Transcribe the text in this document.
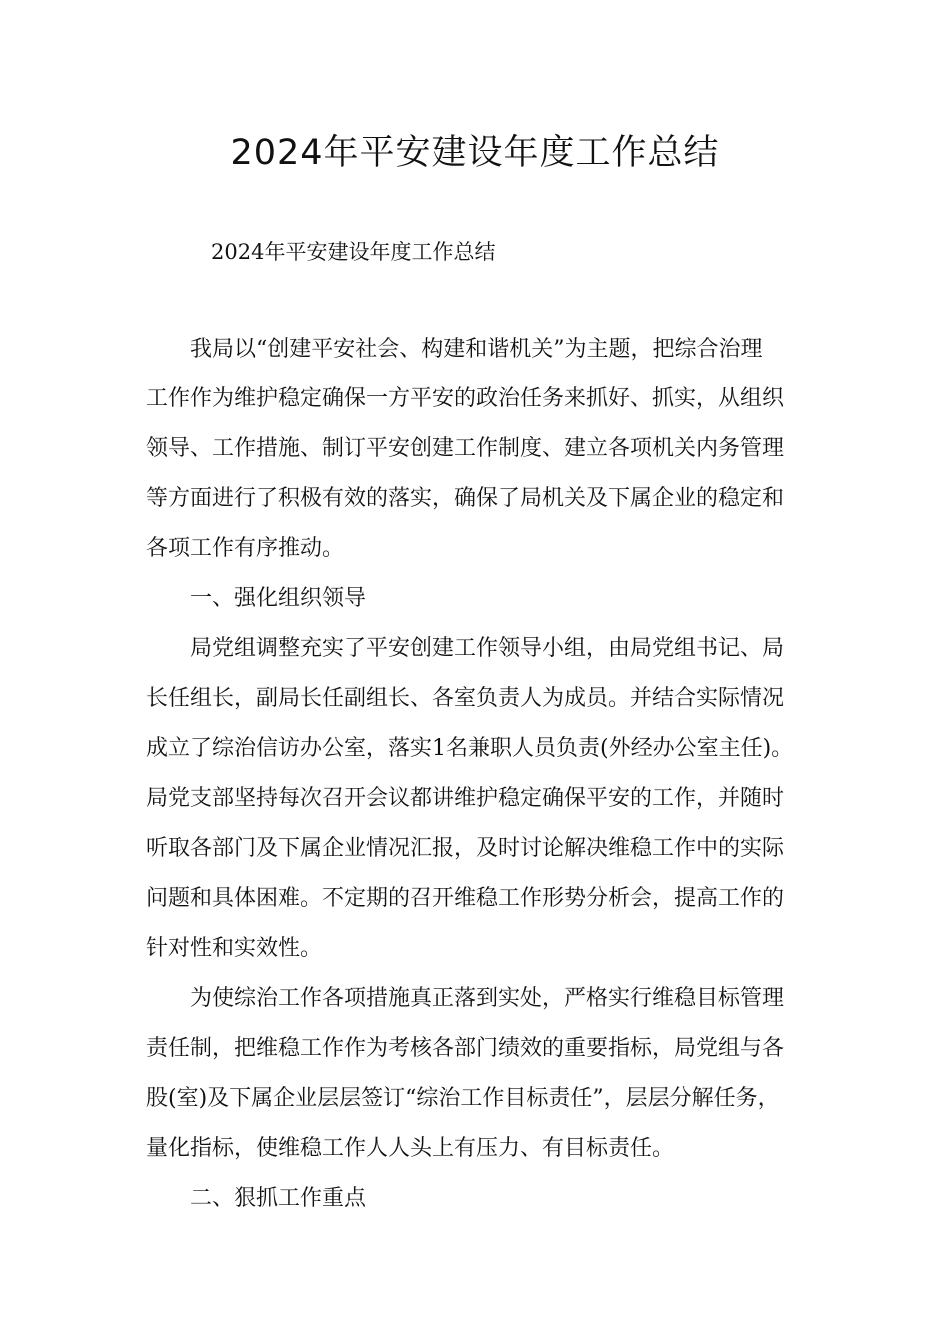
2024年平安建设年度工作总结
2024年平安建设年度工作总结
我局以“创建平安社会、构建和谐机关”为主题，把综合治理
工作作为维护稳定确保一方平安的政治任务来抓好、抓实，从组织
领导、工作措施、制订平安创建工作制度、建立各项机关内务管理
等方面进行了积极有效的落实，确保了局机关及下属企业的稳定和
各项工作有序推动。
一、强化组织领导
局党组调整充实了平安创建工作领导小组，由局党组书记、局
长任组长，副局长任副组长、各室负责人为成员。并结合实际情况
成立了综治信访办公室，落实1名兼职人员负责(外经办公室主任)。
局党支部坚持每次召开会议都讲维护稳定确保平安的工作，并随时
听取各部门及下属企业情况汇报，及时讨论解决维稳工作中的实际
问题和具体困难。不定期的召开维稳工作形势分析会，提高工作的
针对性和实效性。
为使综治工作各项措施真正落到实处，严格实行维稳目标管理
责任制，把维稳工作作为考核各部门绩效的重要指标，局党组与各
股(室)及下属企业层层签订“综治工作目标责任”，层层分解任务，
量化指标，使维稳工作人人头上有压力、有目标责任。
二、狠抓工作重点
